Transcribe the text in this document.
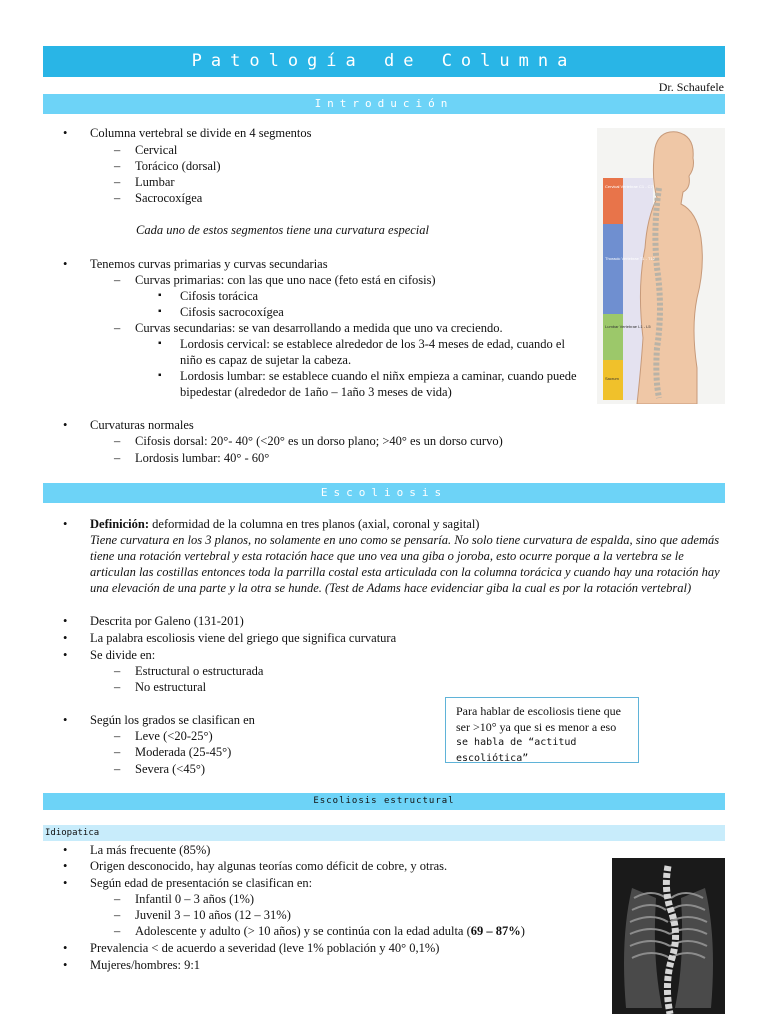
Patología de Columna
Dr. Schaufele
Introdución
• Columna vertebral se divide en 4 segmentos
– Cervical
– Torácico (dorsal)
– Lumbar
– Sacrocoxígea
Cada uno de estos segmentos tiene una curvatura especial
• Tenemos curvas primarias y curvas secundarias
– Curvas primarias: con las que uno nace (feto está en cifosis)
▪ Cifosis torácica
▪ Cifosis sacrocoxígea
– Curvas secundarias: se van desarrollando a medida que uno va creciendo.
▪ Lordosis cervical: se establece alrededor de los 3-4 meses de edad, cuando el
niño es capaz de sujetar la cabeza.
▪ Lordosis lumbar: se establece cuando el niñx empieza a caminar, cuando puede
bipedestar (alrededor de 1año – 1año 3 meses de vida)
• Curvaturas normales
– Cifosis dorsal: 20°- 40° (<20° es un dorso plano; >40° es un dorso curvo)
– Lordosis lumbar: 40° - 60°
Cervical Vertebrae C1 - C7
Thoracic Vertebrae T1 - T12
Lumbar Vertebrae L1 - L5
Sacrum
Escoliosis
• Definición: deformidad de la columna en tres planos (axial, coronal y sagital)
Tiene curvatura en los 3 planos, no solamente en uno como se pensaría. No solo tiene curvatura de espalda, sino que además
tiene una rotación vertebral y esta rotación hace que uno vea una giba o joroba, esto ocurre porque a la vertebra se le
articulan las costillas entonces toda la parrilla costal esta articulada con la columna torácica y cuando hay una rotación hay
una elevación de una parte y la otra se hunde. (Test de Adams hace evidenciar giba la cual es por la rotación vertebral)
• Descrita por Galeno (131-201)
• La palabra escoliosis viene del griego que significa curvatura
• Se divide en:
– Estructural o estructurada
– No estructural
• Según los grados se clasifican en
– Leve (<20-25°)
– Moderada (25-45°)
– Severa (<45°)
Para hablar de escoliosis tiene que
ser >10° ya que si es menor a eso
se habla de “actitud escoliótica”
Escoliosis estructural
Idiopatica
• La más frecuente (85%)
• Origen desconocido, hay algunas teorías como déficit de cobre, y otras.
• Según edad de presentación se clasifican en:
– Infantil 0 – 3 años (1%)
– Juvenil 3 – 10 años (12 – 31%)
– Adolescente y adulto (> 10 años) y se continúa con la edad adulta (69 – 87%)
• Prevalencia < de acuerdo a severidad (leve 1% población y 40° 0,1%)
• Mujeres/hombres: 9:1
